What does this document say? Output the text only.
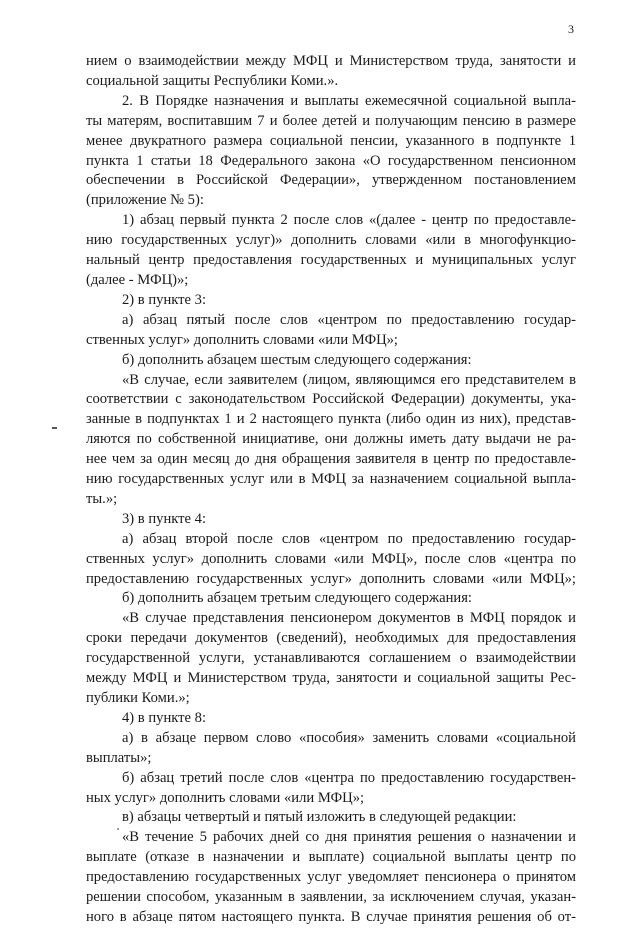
3
нием о взаимодействии между МФЦ и Министерством труда, занятости и
социальной защиты Республики Коми.».
2. В Порядке назначения и выплаты ежемесячной социальной выпла-
ты матерям, воспитавшим 7 и более детей и получающим пенсию в размере
менее двукратного размера социальной пенсии, указанного в подпункте 1
пункта 1 статьи 18 Федерального закона «О государственном пенсионном
обеспечении в Российской Федерации», утвержденном постановлением
(приложение № 5):
1) абзац первый пункта 2 после слов «(далее - центр по предоставле-
нию государственных услуг)» дополнить словами «или в многофункцио-
нальный центр предоставления государственных и муниципальных услуг
(далее - МФЦ)»;
2) в пункте 3:
а) абзац пятый после слов «центром по предоставлению государ-
ственных услуг» дополнить словами «или МФЦ»;
б) дополнить абзацем шестым следующего содержания:
«В случае, если заявителем (лицом, являющимся его представителем в
соответствии с законодательством Российской Федерации) документы, ука-
занные в подпунктах 1 и 2 настоящего пункта (либо один из них), представ-
ляются по собственной инициативе, они должны иметь дату выдачи не ра-
нее чем за один месяц до дня обращения заявителя в центр по предоставле-
нию государственных услуг или в МФЦ за назначением социальной выпла-
ты.»;
3) в пункте 4:
а) абзац второй после слов «центром по предоставлению государ-
ственных услуг» дополнить словами «или МФЦ», после слов «центра по
предоставлению государственных услуг» дополнить словами «или МФЦ»;
б) дополнить абзацем третьим следующего содержания:
«В случае представления пенсионером документов в МФЦ порядок и
сроки передачи документов (сведений), необходимых для предоставления
государственной услуги, устанавливаются соглашением о взаимодействии
между МФЦ и Министерством труда, занятости и социальной защиты Рес-
публики Коми.»;
4) в пункте 8:
а) в абзаце первом слово «пособия» заменить словами «социальной
выплаты»;
б) абзац третий после слов «центра по предоставлению государствен-
ных услуг» дополнить словами «или МФЦ»;
в) абзацы четвертый и пятый изложить в следующей редакции:
«В течение 5 рабочих дней со дня принятия решения о назначении и
выплате (отказе в назначении и выплате) социальной выплаты центр по
предоставлению государственных услуг уведомляет пенсионера о принятом
решении способом, указанным в заявлении, за исключением случая, указан-
ного в абзаце пятом настоящего пункта. В случае принятия решения об от-
